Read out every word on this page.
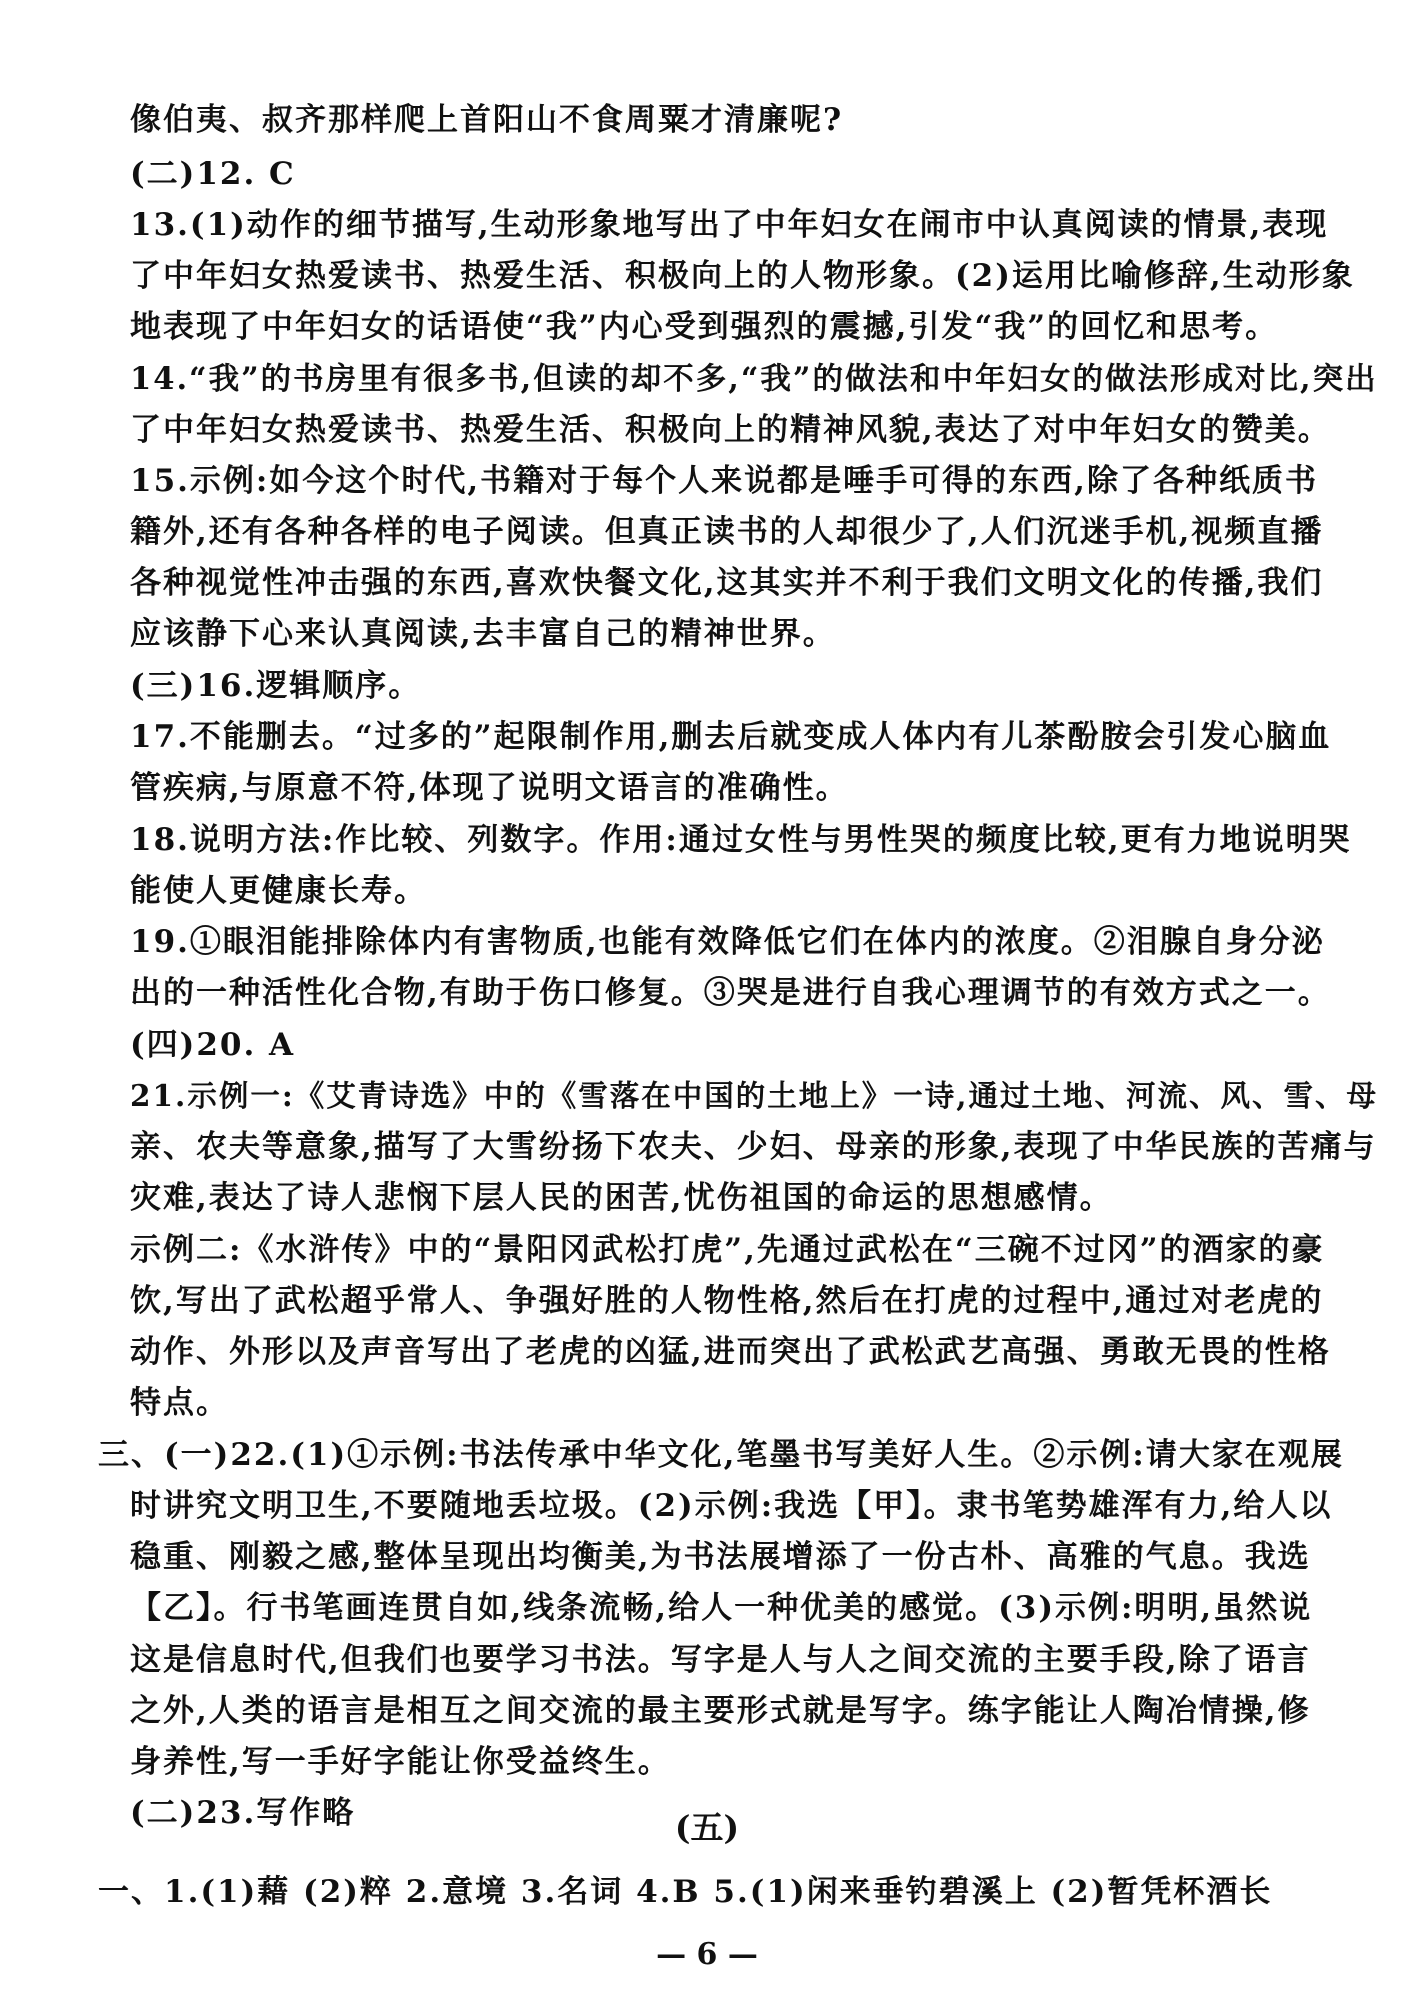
像伯夷、叔齐那样爬上首阳山不食周粟才清廉呢?
(二)12. C
13.(1)动作的细节描写,生动形象地写出了中年妇女在闹市中认真阅读的情景,表现
了中年妇女热爱读书、热爱生活、积极向上的人物形象。(2)运用比喻修辞,生动形象
地表现了中年妇女的话语使“我”内心受到强烈的震撼,引发“我”的回忆和思考。
14.“我”的书房里有很多书,但读的却不多,“我”的做法和中年妇女的做法形成对比,突出
了中年妇女热爱读书、热爱生活、积极向上的精神风貌,表达了对中年妇女的赞美。
15.示例:如今这个时代,书籍对于每个人来说都是唾手可得的东西,除了各种纸质书
籍外,还有各种各样的电子阅读。但真正读书的人却很少了,人们沉迷手机,视频直播
各种视觉性冲击强的东西,喜欢快餐文化,这其实并不利于我们文明文化的传播,我们
应该静下心来认真阅读,去丰富自己的精神世界。
(三)16.逻辑顺序。
17.不能删去。“过多的”起限制作用,删去后就变成人体内有儿茶酚胺会引发心脑血
管疾病,与原意不符,体现了说明文语言的准确性。
18.说明方法:作比较、列数字。作用:通过女性与男性哭的频度比较,更有力地说明哭
能使人更健康长寿。
19.①眼泪能排除体内有害物质,也能有效降低它们在体内的浓度。②泪腺自身分泌
出的一种活性化合物,有助于伤口修复。③哭是进行自我心理调节的有效方式之一。
(四)20. A
21.示例一:《艾青诗选》中的《雪落在中国的土地上》一诗,通过土地、河流、风、雪、母
亲、农夫等意象,描写了大雪纷扬下农夫、少妇、母亲的形象,表现了中华民族的苦痛与
灾难,表达了诗人悲悯下层人民的困苦,忧伤祖国的命运的思想感情。
示例二:《水浒传》中的“景阳冈武松打虎”,先通过武松在“三碗不过冈”的酒家的豪
饮,写出了武松超乎常人、争强好胜的人物性格,然后在打虎的过程中,通过对老虎的
动作、外形以及声音写出了老虎的凶猛,进而突出了武松武艺高强、勇敢无畏的性格
特点。
三、(一)22.(1)①示例:书法传承中华文化,笔墨书写美好人生。②示例:请大家在观展
时讲究文明卫生,不要随地丢垃圾。(2)示例:我选【甲】。隶书笔势雄浑有力,给人以
稳重、刚毅之感,整体呈现出均衡美,为书法展增添了一份古朴、高雅的气息。我选
【乙】。行书笔画连贯自如,线条流畅,给人一种优美的感觉。(3)示例:明明,虽然说
这是信息时代,但我们也要学习书法。写字是人与人之间交流的主要手段,除了语言
之外,人类的语言是相互之间交流的最主要形式就是写字。练字能让人陶冶情操,修
身养性,写一手好字能让你受益终生。
(二)23.写作略	(五)
一、1.(1)藉 (2)粹 2.意境 3.名词 4.B 5.(1)闲来垂钓碧溪上 (2)暂凭杯酒长
— 6 —
